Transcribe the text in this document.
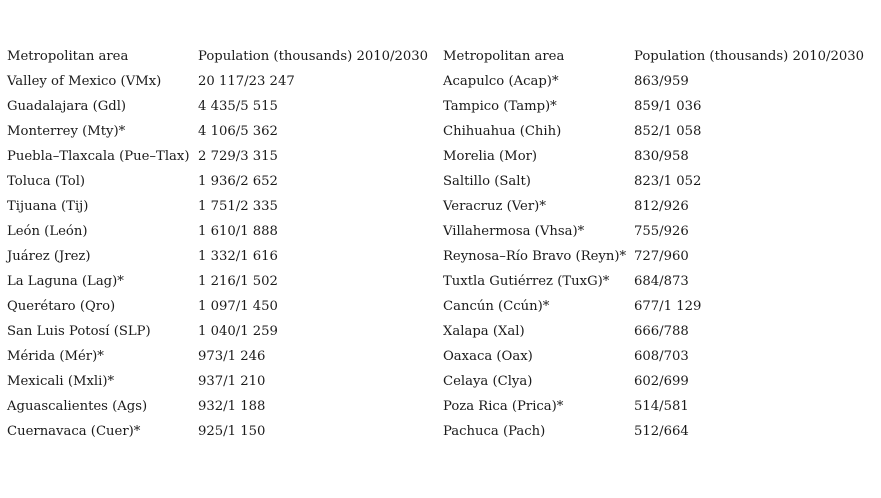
Metropolitan area	Population (thousands) 2010/2030	Metropolitan area	Population (thousands) 2010/2030
Valley of Mexico (VMx)	20 117/23 247	Acapulco (Acap)*	863/959
Guadalajara (Gdl)	4 435/5 515	Tampico (Tamp)*	859/1 036
Monterrey (Mty)*	4 106/5 362	Chihuahua (Chih)	852/1 058
Puebla–Tlaxcala (Pue–Tlax) 2 729/3 315	Morelia (Mor)	830/958
Toluca (Tol)	1 936/2 652	Saltillo (Salt)	823/1 052
Tijuana (Tij)	1 751/2 335	Veracruz (Ver)*	812/926
León (León)	1 610/1 888	Villahermosa (Vhsa)*	755/926
Juárez (Jrez)	1 332/1 616	Reynosa–Río Bravo (Reyn)* 727/960
La Laguna (Lag)*	1 216/1 502	Tuxtla Gutiérrez (TuxG)*	684/873
Querétaro (Qro)	1 097/1 450	Cancún (Ccún)*	677/1 129
San Luis Potosí (SLP)	1 040/1 259	Xalapa (Xal)	666/788
Mérida (Mér)*	973/1 246	Oaxaca (Oax)	608/703
Mexicali (Mxli)*	937/1 210	Celaya (Clya)	602/699
Aguascalientes (Ags)	932/1 188	Poza Rica (Prica)*	514/581
Cuernavaca (Cuer)*	925/1 150	Pachuca (Pach)	512/664
